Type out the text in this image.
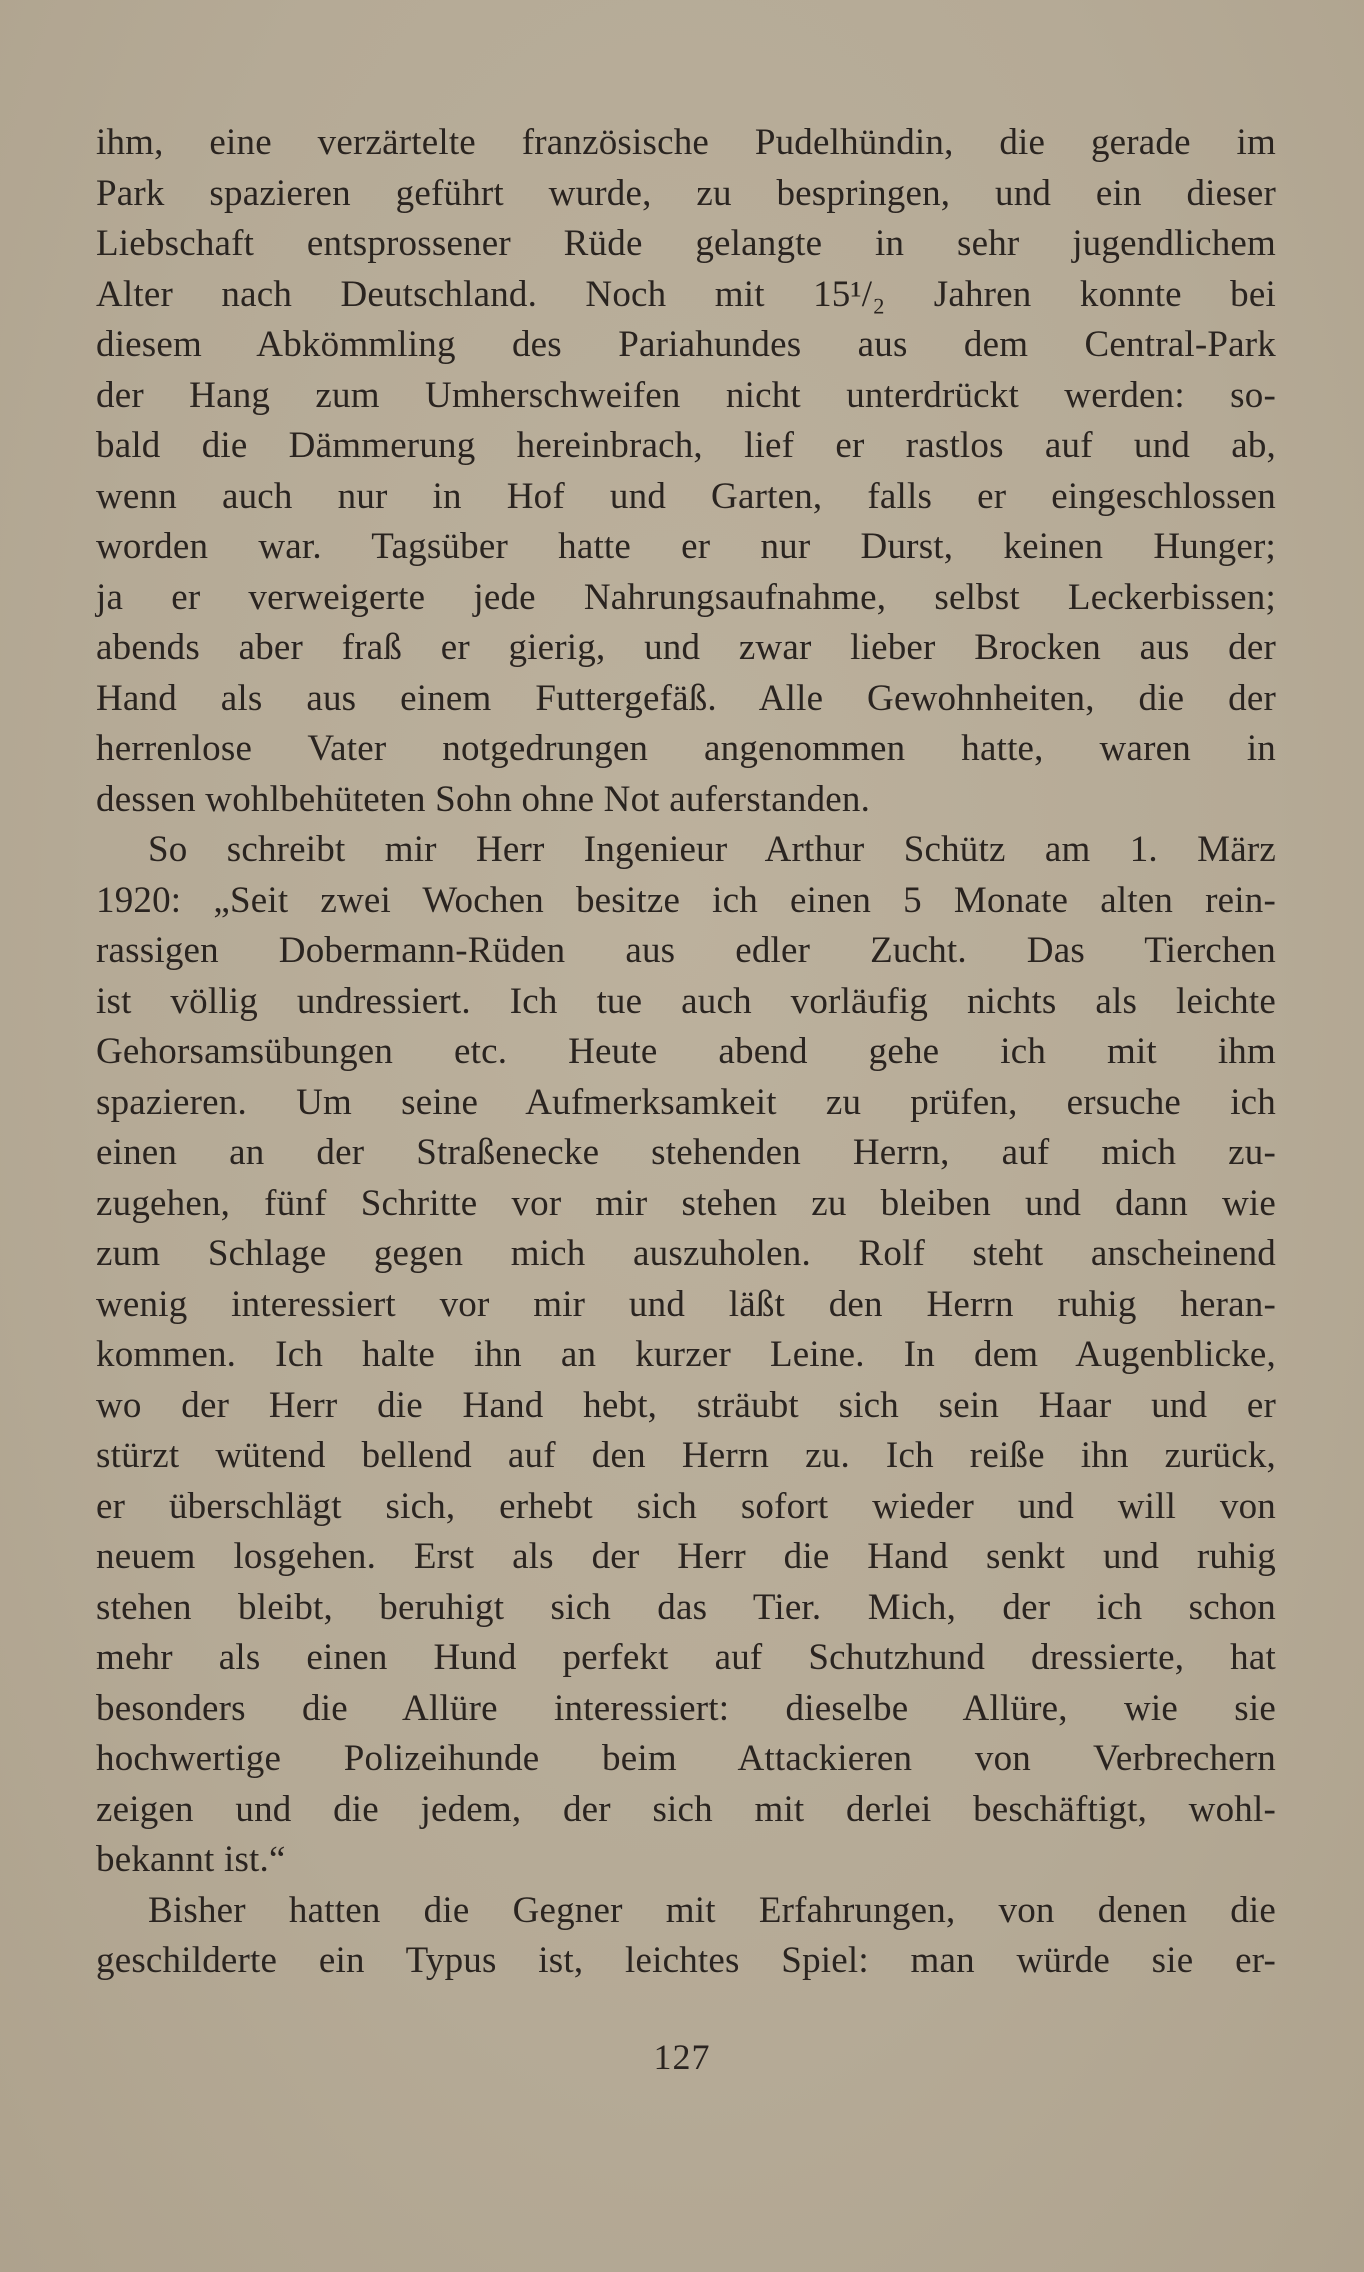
ihm, eine verzärtelte französische Pudelhündin, die gerade im
Park spazieren geführt wurde, zu bespringen, und ein dieser
Liebschaft entsprossener Rüde gelangte in sehr jugendlichem
Alter nach Deutschland. Noch mit 15¹/₂ Jahren konnte bei
diesem Abkömmling des Pariahundes aus dem Central-Park
der Hang zum Umherschweifen nicht unterdrückt werden: so-
bald die Dämmerung hereinbrach, lief er rastlos auf und ab,
wenn auch nur in Hof und Garten, falls er eingeschlossen
worden war. Tagsüber hatte er nur Durst, keinen Hunger;
ja er verweigerte jede Nahrungsaufnahme, selbst Leckerbissen;
abends aber fraß er gierig, und zwar lieber Brocken aus der
Hand als aus einem Futtergefäß. Alle Gewohnheiten, die der
herrenlose Vater notgedrungen angenommen hatte, waren in
dessen wohlbehüteten Sohn ohne Not auferstanden.
So schreibt mir Herr Ingenieur Arthur Schütz am 1. März
1920: „Seit zwei Wochen besitze ich einen 5 Monate alten rein-
rassigen Dobermann-Rüden aus edler Zucht. Das Tierchen
ist völlig undressiert. Ich tue auch vorläufig nichts als leichte
Gehorsamsübungen etc. Heute abend gehe ich mit ihm
spazieren. Um seine Aufmerksamkeit zu prüfen, ersuche ich
einen an der Straßenecke stehenden Herrn, auf mich zu-
zugehen, fünf Schritte vor mir stehen zu bleiben und dann wie
zum Schlage gegen mich auszuholen. Rolf steht anscheinend
wenig interessiert vor mir und läßt den Herrn ruhig heran-
kommen. Ich halte ihn an kurzer Leine. In dem Augenblicke,
wo der Herr die Hand hebt, sträubt sich sein Haar und er
stürzt wütend bellend auf den Herrn zu. Ich reiße ihn zurück,
er überschlägt sich, erhebt sich sofort wieder und will von
neuem losgehen. Erst als der Herr die Hand senkt und ruhig
stehen bleibt, beruhigt sich das Tier. Mich, der ich schon
mehr als einen Hund perfekt auf Schutzhund dressierte, hat
besonders die Allüre interessiert: dieselbe Allüre, wie sie
hochwertige Polizeihunde beim Attackieren von Verbrechern
zeigen und die jedem, der sich mit derlei beschäftigt, wohl-
bekannt ist.“
Bisher hatten die Gegner mit Erfahrungen, von denen die
geschilderte ein Typus ist, leichtes Spiel: man würde sie er-
127
